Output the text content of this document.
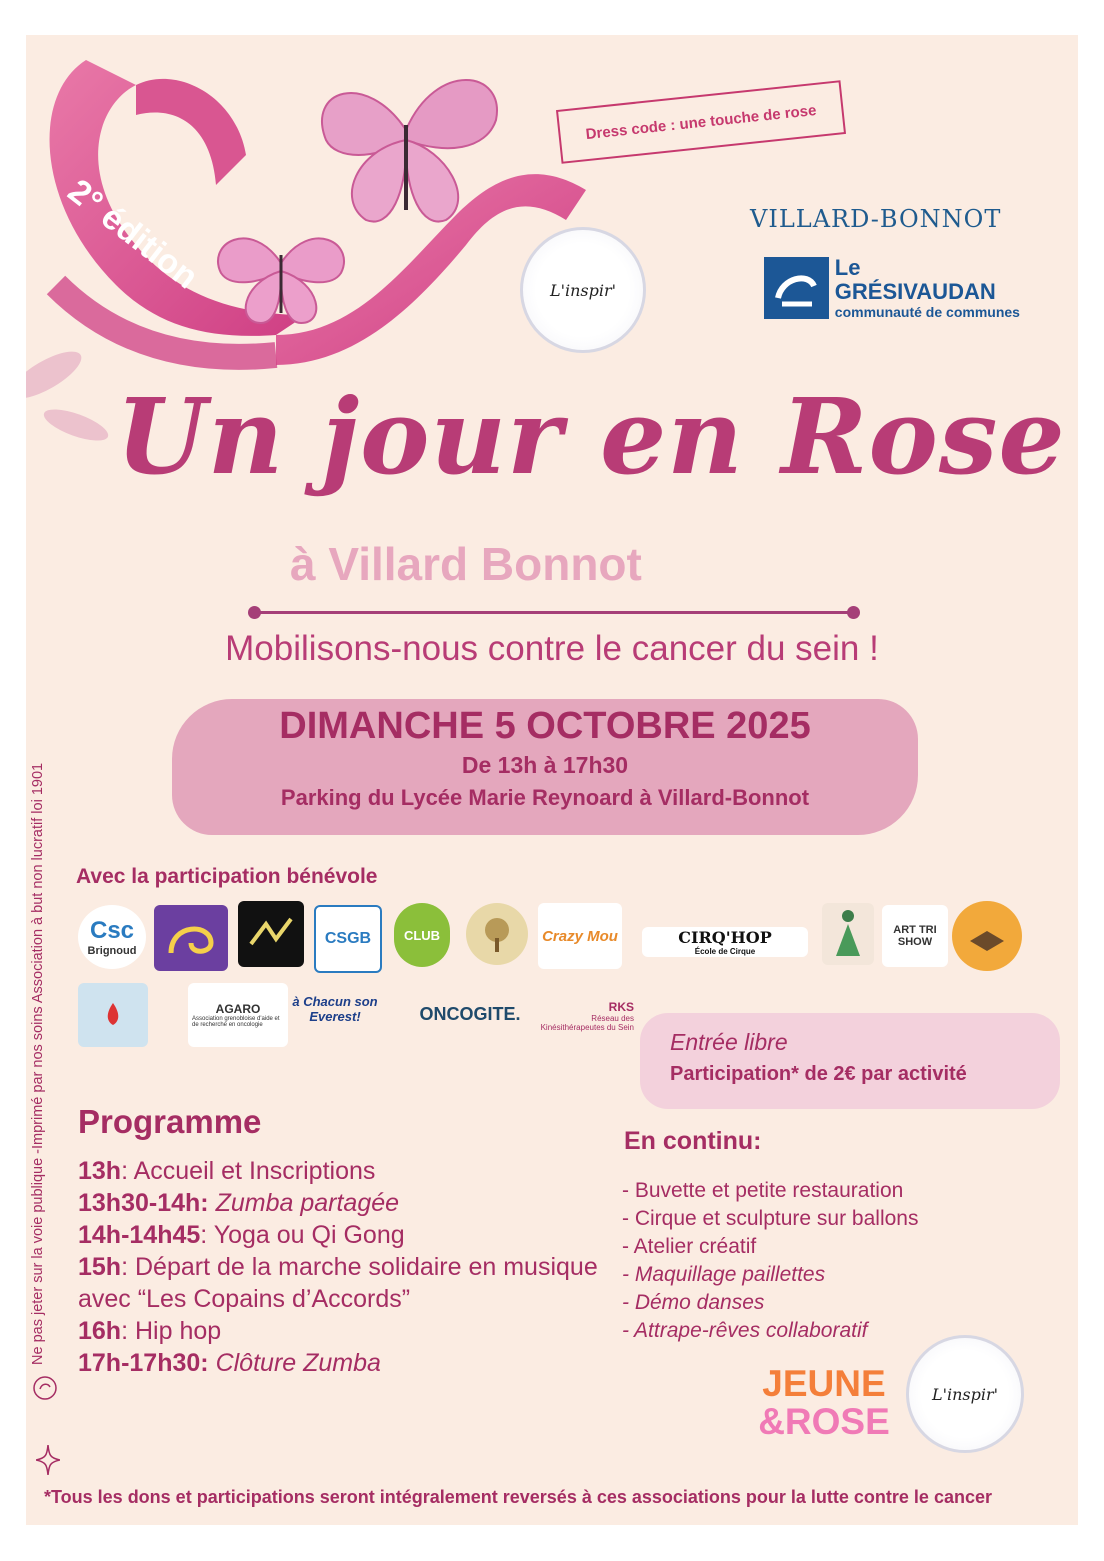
2° édition
Dress code : une touche de rose
L'inspir'
VILLARD-BONNOT
Le GRÉSIVAUDAN
communauté de communes
Un jour en Rose
à Villard Bonnot
Mobilisons-nous contre le cancer du sein !
DIMANCHE 5 OCTOBRE 2025
De 13h à 17h30
Parking du Lycée Marie Reynoard à Villard-Bonnot
Avec la participation bénévole
Csc
Brignoud
CSGB	CLUB	Crazy Mou	CIRQ'HOP
École de Cirque
ART TRI SHOW
AGARO
Association grenobloise d'aide et de recherche en oncologie
à Chacun son Everest!	ONCOGITE.	RKS
Réseau des Kinésithérapeutes du Sein
Entrée libre
Participation* de 2€ par activité
Programme
13h: Accueil et Inscriptions
13h30-14h: Zumba partagée
14h-14h45: Yoga ou Qi Gong
15h: Départ de la marche solidaire en musique avec “Les Copains d’Accords”
16h: Hip hop
17h-17h30: Clôture Zumba
En continu:
- Buvette et petite restauration
- Cirque et sculpture sur ballons
- Atelier créatif
- Maquillage paillettes
- Démo danses
- Attrape-rêves collaboratif
JEUNE
&ROSE
L'inspir'
*Tous les dons et participations seront intégralement reversés à ces associations pour la lutte contre le cancer
Ne pas jeter sur la voie publique -Imprimé par nos soins Association à but non lucratif loi 1901
